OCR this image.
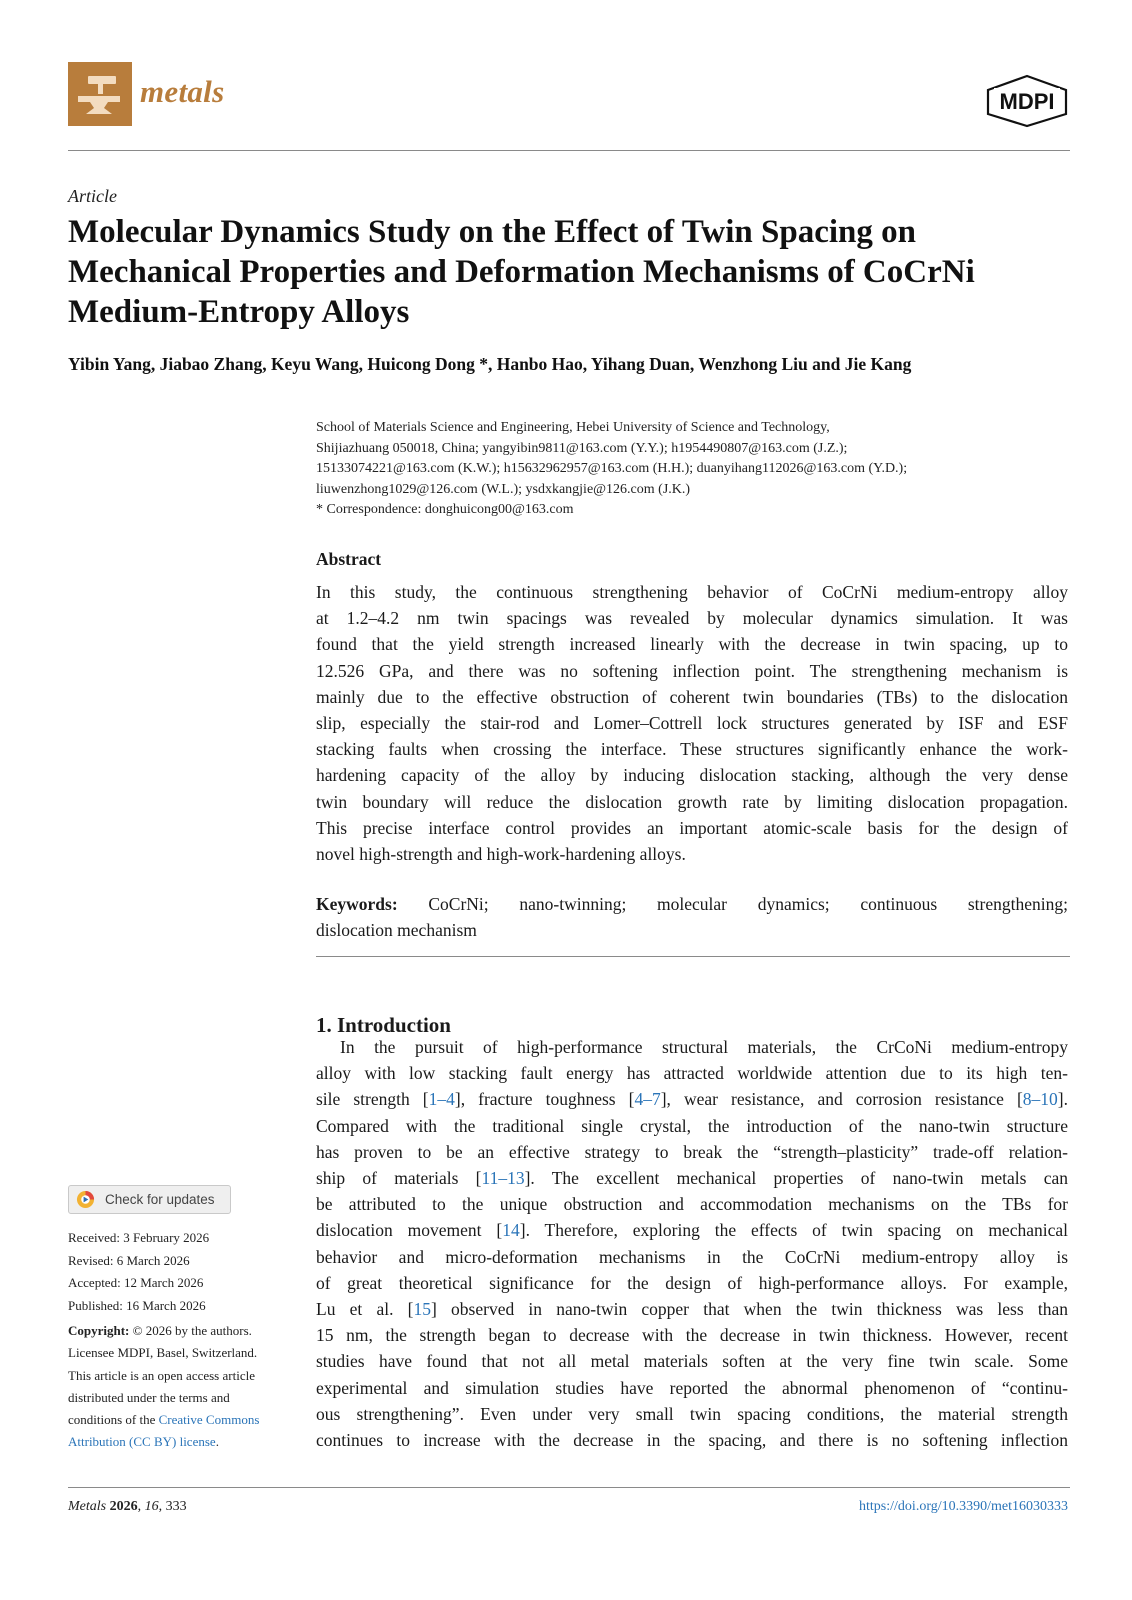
metals	MDPI
Article
Molecular Dynamics Study on the Effect of Twin Spacing on
Mechanical Properties and Deformation Mechanisms of CoCrNi
Medium-Entropy Alloys
Yibin Yang, Jiabao Zhang, Keyu Wang, Huicong Dong *, Hanbo Hao, Yihang Duan, Wenzhong Liu and Jie Kang
School of Materials Science and Engineering, Hebei University of Science and Technology,
Shijiazhuang 050018, China; yangyibin9811@163.com (Y.Y.); h1954490807@163.com (J.Z.);
15133074221@163.com (K.W.); h15632962957@163.com (H.H.); duanyihang112026@163.com (Y.D.);
liuwenzhong1029@126.com (W.L.); ysdxkangjie@126.com (J.K.)
* Correspondence: donghuicong00@163.com
Abstract
In this study, the continuous strengthening behavior of CoCrNi medium-entropy alloy
at 1.2–4.2 nm twin spacings was revealed by molecular dynamics simulation. It was
found that the yield strength increased linearly with the decrease in twin spacing, up to
12.526 GPa, and there was no softening inflection point. The strengthening mechanism is
mainly due to the effective obstruction of coherent twin boundaries (TBs) to the dislocation
slip, especially the stair-rod and Lomer–Cottrell lock structures generated by ISF and ESF
stacking faults when crossing the interface. These structures significantly enhance the work-
hardening capacity of the alloy by inducing dislocation stacking, although the very dense
twin boundary will reduce the dislocation growth rate by limiting dislocation propagation.
This precise interface control provides an important atomic-scale basis for the design of
novel high-strength and high-work-hardening alloys.
Keywords: CoCrNi; nano-twinning; molecular dynamics; continuous strengthening;
dislocation mechanism
1. Introduction
In the pursuit of high-performance structural materials, the CrCoNi medium-entropy
alloy with low stacking fault energy has attracted worldwide attention due to its high ten-
sile strength [1–4], fracture toughness [4–7], wear resistance, and corrosion resistance [8–10].
Compared with the traditional single crystal, the introduction of the nano-twin structure
has proven to be an effective strategy to break the “strength–plasticity” trade-off relation-
ship of materials [11–13]. The excellent mechanical properties of nano-twin metals can
be attributed to the unique obstruction and accommodation mechanisms on the TBs for
dislocation movement [14]. Therefore, exploring the effects of twin spacing on mechanical
behavior and micro-deformation mechanisms in the CoCrNi medium-entropy alloy is
of great theoretical significance for the design of high-performance alloys. For example,
Lu et al. [15] observed in nano-twin copper that when the twin thickness was less than
15 nm, the strength began to decrease with the decrease in twin thickness. However, recent
studies have found that not all metal materials soften at the very fine twin scale. Some
experimental and simulation studies have reported the abnormal phenomenon of “continu-
ous strengthening”. Even under very small twin spacing conditions, the material strength
continues to increase with the decrease in the spacing, and there is no softening inflection
Check for updates
Received: 3 February 2026
Revised: 6 March 2026
Accepted: 12 March 2026
Published: 16 March 2026
Copyright: © 2026 by the authors.
Licensee MDPI, Basel, Switzerland.
This article is an open access article
distributed under the terms and
conditions of the Creative Commons
Attribution (CC BY) license.
Metals 2026, 16, 333	https://doi.org/10.3390/met16030333
